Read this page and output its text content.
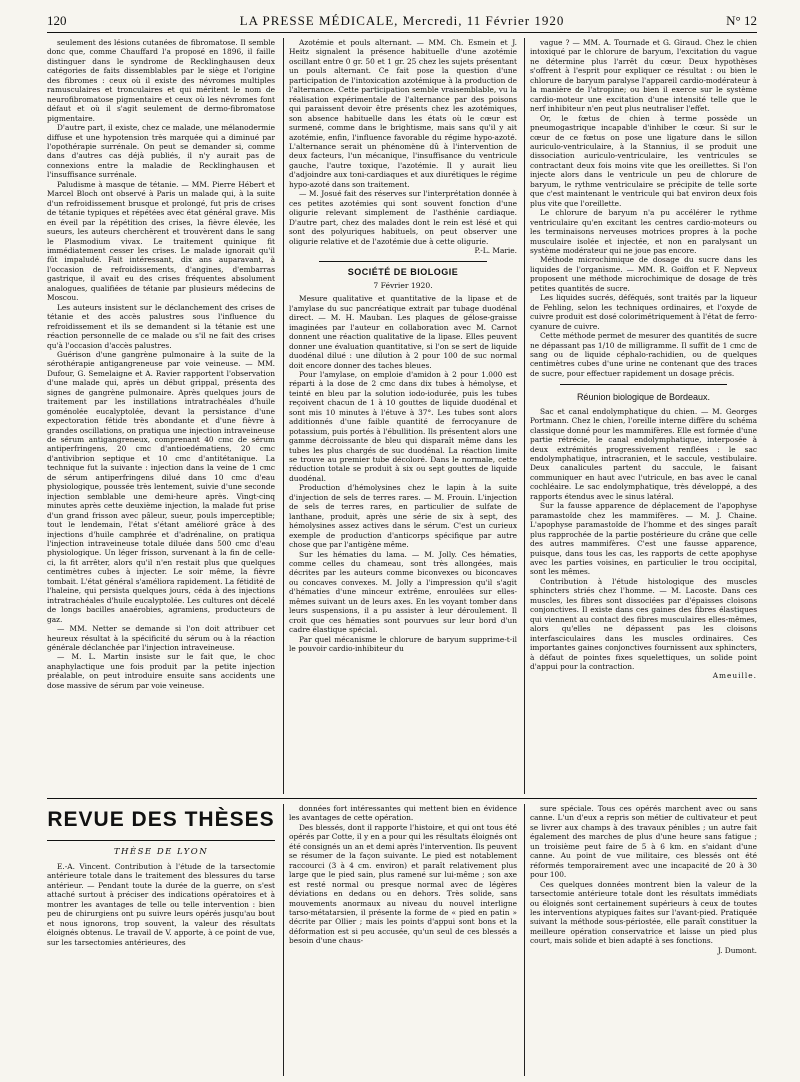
120	LA PRESSE MÉDICALE, Mercredi, 11 Février 1920	N° 12

seulement des lésions cutanées de fibromatose. Il semble donc que, comme Chauffard l'a proposé en 1896, il faille distinguer dans le syndrome de Recklinghausen deux catégories de faits dissemblables par le siège et l'origine des fibromes : ceux où il existe des névromes multiples ramusculaires et tronculaires et qui méritent le nom de neurofibromatose pigmentaire et ceux où les névromes font défaut et où il s'agit seulement de dermo-fibromatose pigmentaire.

D'autre part, il existe, chez ce malade, une mélanodermie diffuse et une hypotension très marquée qui a diminué par l'opothérapie surrénale. On peut se demander si, comme dans d'autres cas déjà publiés, il n'y aurait pas de connexions entre la maladie de Recklinghausen et l'insuffisance surrénale.

Paludisme à masque de tétanie. — MM. Pierre Hébert et Marcel Bloch ont observé à Paris un malade qui, à la suite d'un refroidissement brusque et prolongé, fut pris de crises de tétanie typiques et répétées avec état général grave. Mis en éveil par la répétition des crises, la fièvre élevée, les sueurs, les auteurs cherchèrent et trouvèrent dans le sang le Plasmodium vivax. Le traitement quinique fit immédiatement cesser les crises. Le malade ignorait qu'il fût impaludé. Fait intéressant, dix ans auparavant, à l'occasion de refroidissements, d'angines, d'embarras gastrique, il avait eu des crises fréquentes absolument analogues, qualifiées de tétanie par plusieurs médecins de Moscou.

Les auteurs insistent sur le déclanchement des crises de tétanie et des accès palustres sous l'influence du refroidissement et ils se demandent si la tétanie est une réaction personnelle de ce malade ou s'il ne fait des crises qu'à l'occasion d'accès palustres.

Guérison d'une gangrène pulmonaire à la suite de la sérothérapie antigangreneuse par voie veineuse. — MM. Dufour, G. Semelaigne et A. Ravier rapportent l'observation d'une malade qui, après un début grippal, présenta des signes de gangrène pulmonaire. Après quelques jours de traitement par les instillations intratrachéales d'huile goménolée eucalyptolée, devant la persistance d'une expectoration fétide très abondante et d'une fièvre à grandes oscillations, on pratiqua une injection intraveineuse de sérum antigangreneux, comprenant 40 cmc de sérum antiperfringens, 20 cmc d'antioedématiens, 20 cmc d'antivibrion septique et 10 cmc d'antitétanique. La technique fut la suivante : injection dans la veine de 1 cmc de sérum antiperfringens dilué dans 10 cmc d'eau physiologique, poussée très lentement, suivie d'une seconde injection semblable une demi-heure après. Vingt-cinq minutes après cette deuxième injection, la malade fut prise d'un grand frisson avec pâleur, sueur, pouls imperceptible; tout le lendemain, l'état s'étant amélioré grâce à des injections d'huile camphrée et d'adrénaline, on pratiqua l'injection intraveineuse totale diluée dans 500 cmc d'eau physiologique. Un léger frisson, survenant à la fin de celle-ci, la fit arrêter, alors qu'il n'en restait plus que quelques centimètres cubes à injecter. Le soir même, la fièvre tombait. L'état général s'améliora rapidement. La fétidité de l'haleine, qui persista quelques jours, céda à des injections intratrachéales d'huile eucalyptolée. Les cultures ont décelé de longs bacilles anaérobies, agramiens, producteurs de gaz.

— MM. Netter se demande si l'on doit attribuer cet heureux résultat à la spécificité du sérum ou à la réaction générale déclanchée par l'injection intraveineuse.

— M. L. Martin insiste sur le fait que, le choc anaphylactique une fois produit par la petite injection préalable, on peut introduire ensuite sans accidents une dose massive de sérum par voie veineuse.

Azotémie et pouls alternant. — MM. Ch. Esmein et J. Heitz signalent la présence habituelle d'une azotémie oscillant entre 0 gr. 50 et 1 gr. 25 chez les sujets présentant un pouls alternant. Ce fait pose la question d'une participation de l'intoxication azotémique à la production de l'alternance. Cette participation semble vraisemblable, vu la réalisation expérimentale de l'alternance par des poisons qui paraissent devoir être présents chez les azotémiques, son absence habituelle dans les états où le cœur est surmené, comme dans le brightisme, mais sans qu'il y ait azotémie, enfin, l'influence favorable du régime hypo-azoté. L'alternance serait un phénomène dû à l'intervention de deux facteurs, l'un mécanique, l'insuffisance du ventricule gauche, l'autre toxique, l'azotémie. Il y aurait lieu d'adjoindre aux toni-cardiaques et aux diurétiques le régime hypo-azoté dans son traitement.

— M. Josué fait des réserves sur l'interprétation donnée à ces petites azotémies qui sont souvent fonction d'une oligurie relevant simplement de l'asthénie cardiaque. D'autre part, chez des malades dont le rein est lésé et qui sont des polyuriques habituels, on peut observer une oligurie relative et de l'azotémie due à cette oligurie.

P.-L. Marie.

SOCIÉTÉ DE BIOLOGIE
7 Février 1920.

Mesure qualitative et quantitative de la lipase et de l'amylase du suc pancréatique extrait par tubage duodénal direct. — M. H. Mauban. Les plaques de gélose-graisse imaginées par l'auteur en collaboration avec M. Carnot donnent une réaction qualitative de la lipase. Elles peuvent donner une évaluation quantitative, si l'on se sert de liquide duodénal dilué : une dilution à 2 pour 100 de suc normal doit encore donner des taches bleues.

Pour l'amylase, on emploie d'amidon à 2 pour 1.000 est réparti à la dose de 2 cmc dans dix tubes à hémolyse, et teinté en bleu par la solution iodo-iodurée, puis les tubes reçoivent chacun de 1 à 10 gouttes de liquide duodénal et sont mis 10 minutes à l'étuve à 37°. Les tubes sont alors additionnés d'une faible quantité de ferrocyanure de potassium, puis portés à l'ébullition. Ils présentent alors une gamme décroissante de bleu qui disparaît même dans les tubes les plus chargés de suc duodénal. La réaction limite se trouve au premier tube décoloré. Dans le normale, cette réduction totale se produit à six ou sept gouttes de liquide duodénal.

Production d'hémolysines chez le lapin à la suite d'injection de sels de terres rares. — M. Frouin. L'injection de sels de terres rares, en particulier de sulfate de lanthane, produit, après une série de six à sept, des hémolysines assez actives dans le sérum. C'est un curieux exemple de production d'anticorps spécifique par autre chose que par l'antigène même.

Sur les hématies du lama. — M. Jolly. Ces hématies, comme celles du chameau, sont très allongées, mais décrites par les auteurs comme biconvexes ou biconcaves ou concaves convexes. M. Jolly a l'impression qu'il s'agit d'hématies d'une minceur extrême, enroulées sur elles-mêmes suivant un de leurs axes. En les voyant tomber dans leurs suspensions, il a pu assister à leur déroulement. Il croit que ces hématies sont pourvues sur leur bord d'un cadre élastique spécial.

Par quel mécanisme le chlorure de baryum supprime-t-il le pouvoir cardio-inhibiteur du

vague ? — MM. A. Tournade et G. Giraud. Chez le chien intoxiqué par le chlorure de baryum, l'excitation du vague ne détermine plus l'arrêt du cœur. Deux hypothèses s'offrent à l'esprit pour expliquer ce résultat : ou bien le chlorure de baryum paralyse l'appareil cardio-modérateur à la manière de l'atropine; ou bien il exerce sur le système cardio-moteur une excitation d'une intensité telle que le nerf inhibiteur n'en peut plus neutraliser l'effet.

Or, le fœtus de chien à terme possède un pneumogastrique incapable d'inhiber le cœur. Si sur le cœur de ce fœtus on pose une ligature dans le sillon auriculo-ventriculaire, à la Stannius, il se produit une dissociation auriculo-ventriculaire, les ventricules se contractant deux fois moins vite que les oreillettes. Si l'on injecte alors dans le ventricule un peu de chlorure de baryum, le rythme ventriculaire se précipite de telle sorte que c'est maintenant le ventricule qui bat environ deux fois plus vite que l'oreillette.

Le chlorure de baryum n'a pu accélérer le rythme ventriculaire qu'en excitant les centres cardio-moteurs ou les terminaisons nerveuses motrices propres à la poche musculaire isolée et injectée, et non en paralysant un système modérateur qui ne joue pas encore.

Méthode microchimique de dosage du sucre dans les liquides de l'organisme. — MM. R. Goiffon et F. Nepveux proposent une méthode microchimique de dosage de très petites quantités de sucre.

Les liquides sucrés, déféqués, sont traités par la liqueur de Fehling, selon les techniques ordinaires, et l'oxyde de cuivre produit est dosé colorimétriquement à l'état de ferro-cyanure de cuivre.

Cette méthode permet de mesurer des quantités de sucre ne dépassant pas 1/10 de milligramme. Il suffit de 1 cmc de sang ou de liquide céphalo-rachidien, ou de quelques centimètres cubes d'une urine ne contenant que des traces de sucre, pour effectuer rapidement un dosage précis.

Réunion biologique de Bordeaux.

Sac et canal endolymphatique du chien. — M. Georges Portmann. Chez le chien, l'oreille interne diffère du schéma classique donné pour les mammifères. Elle est formée d'une partie rétrécie, le canal endolymphatique, interposée à deux extrémités progressivement renflées : le sac endolymphatique, intracranien, et le saccule, vestibulaire. Deux canalicules partent du saccule, le faisant communiquer en haut avec l'utricule, en bas avec le canal cochléaire. Le sac endolymphatique, très développé, a des rapports étendus avec le sinus latéral.

Sur la fausse apparence de déplacement de l'apophyse paramastoïde chez les mammifères. — M. J. Chaine. L'apophyse paramastoïde de l'homme et des singes paraît plus rapprochée de la partie postérieure du crâne que celle des autres mammifères. C'est une fausse apparence, puisque, dans tous les cas, les rapports de cette apophyse avec les parties voisines, en particulier le trou occipital, sont les mêmes.

Contribution à l'étude histologique des muscles sphincters striés chez l'homme. — M. Lacoste. Dans ces muscles, les fibres sont dissociées par d'épaisses cloisons conjonctives. Il existe dans ces gaines des fibres élastiques qui viennent au contact des fibres musculaires elles-mêmes, alors qu'elles ne dépassent pas les cloisons interfasciculaires dans les muscles ordinaires. Ces importantes gaines conjonctives fournissent aux sphincters, à défaut de pointes fixes squelettiques, un solide point d'appui pour la contraction.

Ameuille.

REVUE DES THÈSES
THÈSE DE LYON

E.-A. Vincent. Contribution à l'étude de la tarsectomie antérieure totale dans le traitement des blessures du tarse antérieur. — Pendant toute la durée de la guerre, on s'est attaché surtout à préciser des indications opératoires et à montrer les avantages de telle ou telle intervention : bien peu de chirurgiens ont pu suivre leurs opérés jusqu'au bout et nous ignorons, trop souvent, la valeur des résultats éloignés obtenus. Le travail de V. apporte, à ce point de vue, sur les tarsectomies antérieures, des

données fort intéressantes qui mettent bien en évidence les avantages de cette opération.

Des blessés, dont il rapporte l'histoire, et qui ont tous été opérés par Cotte, il y en a pour qui les résultats éloignés ont été consignés un an et demi après l'intervention. Ils peuvent se résumer de la façon suivante. Le pied est notablement raccourci (3 à 4 cm. environ) et paraît relativement plus large que le pied sain, plus ramené sur lui-même ; son axe est resté normal ou presque normal avec de légères déviations en dedans ou en dehors. Très solide, sans mouvements anormaux au niveau du nouvel interligne tarso-métatarsien, il présente la forme de « pied en patin » décrite par Ollier ; mais les points d'appui sont bons et la déformation est si peu accusée, qu'un seul de ces blessés a besoin d'une chaus-

sure spéciale. Tous ces opérés marchent avec ou sans canne. L'un d'eux a repris son métier de cultivateur et peut se livrer aux champs à des travaux pénibles ; un autre fait également des marches de plus d'une heure sans fatigue ; un troisième peut faire de 5 à 6 km. en s'aidant d'une canne. Au point de vue militaire, ces blessés ont été réformés temporairement avec une incapacité de 20 à 30 pour 100.

Ces quelques données montrent bien la valeur de la tarsectomie antérieure totale dont les résultats immédiats ou éloignés sont certainement supérieurs à ceux de toutes les interventions atypiques faites sur l'avant-pied. Pratiquée suivant la méthode sous-périostée, elle paraît constituer la meilleure opération conservatrice et laisse un pied plus court, mais solide et bien adapté à ses fonctions.

J. Dumont.
